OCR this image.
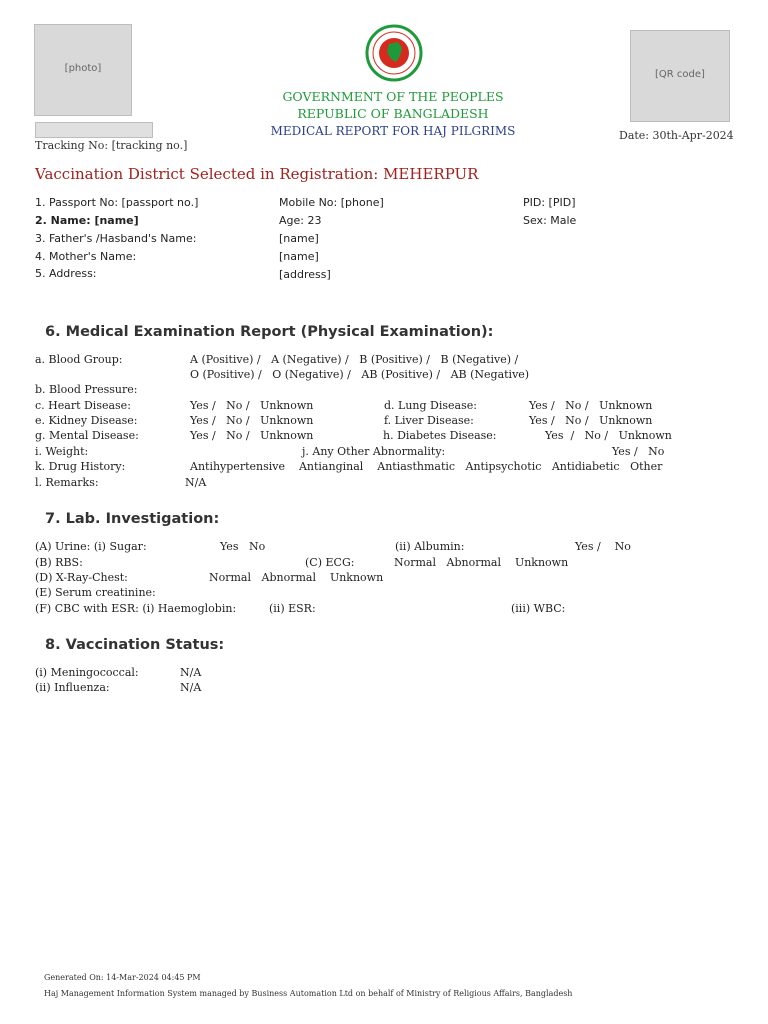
[photo]
Tracking No: [tracking no.]
GOVERNMENT OF THE PEOPLES
REPUBLIC OF BANGLADESH
MEDICAL REPORT FOR HAJ PILGRIMS
[QR code]
Date: 30th-Apr-2024
Vaccination District Selected in Registration: MEHERPUR
1. Passport No: [passport no.]	Mobile No: [phone]	PID: [PID]
2. Name: [name]	Age: 23	Sex: Male
3. Father's /Hasband's Name:	[name]
4. Mother's Name:	[name]
5. Address:	[address]
6. Medical Examination Report (Physical Examination):
a. Blood Group:	A (Positive) /   A (Negative) /   B (Positive) /   B (Negative) /
O (Positive) /   O (Negative) /   AB (Positive) /   AB (Negative)
b. Blood Pressure:
c. Heart Disease:	Yes /   No /   Unknown	d. Lung Disease:	Yes /   No /   Unknown
e. Kidney Disease:	Yes /   No /   Unknown	f. Liver Disease:	Yes /   No /   Unknown
g. Mental Disease:	Yes /   No /   Unknown	h. Diabetes Disease:	Yes  /   No /   Unknown
i. Weight:	j. Any Other Abnormality:	Yes /   No
k. Drug History:	Antihypertensive    Antianginal    Antiasthmatic   Antipsychotic   Antidiabetic   Other
l. Remarks:	N/A
7. Lab. Investigation:
(A) Urine: (i) Sugar:	Yes   No	(ii) Albumin:	Yes /    No
(B) RBS:	(C) ECG:	Normal   Abnormal    Unknown
(D) X-Ray-Chest:	Normal   Abnormal    Unknown
(E) Serum creatinine:
(F) CBC with ESR: (i) Haemoglobin:	(ii) ESR:	(iii) WBC:
8. Vaccination Status:
(i) Meningococcal:	N/A
(ii) Influenza:	N/A
Generated On: 14-Mar-2024 04:45 PM
Haj Management Information System managed by Business Automation Ltd on behalf of Ministry of Religious Affairs, Bangladesh
